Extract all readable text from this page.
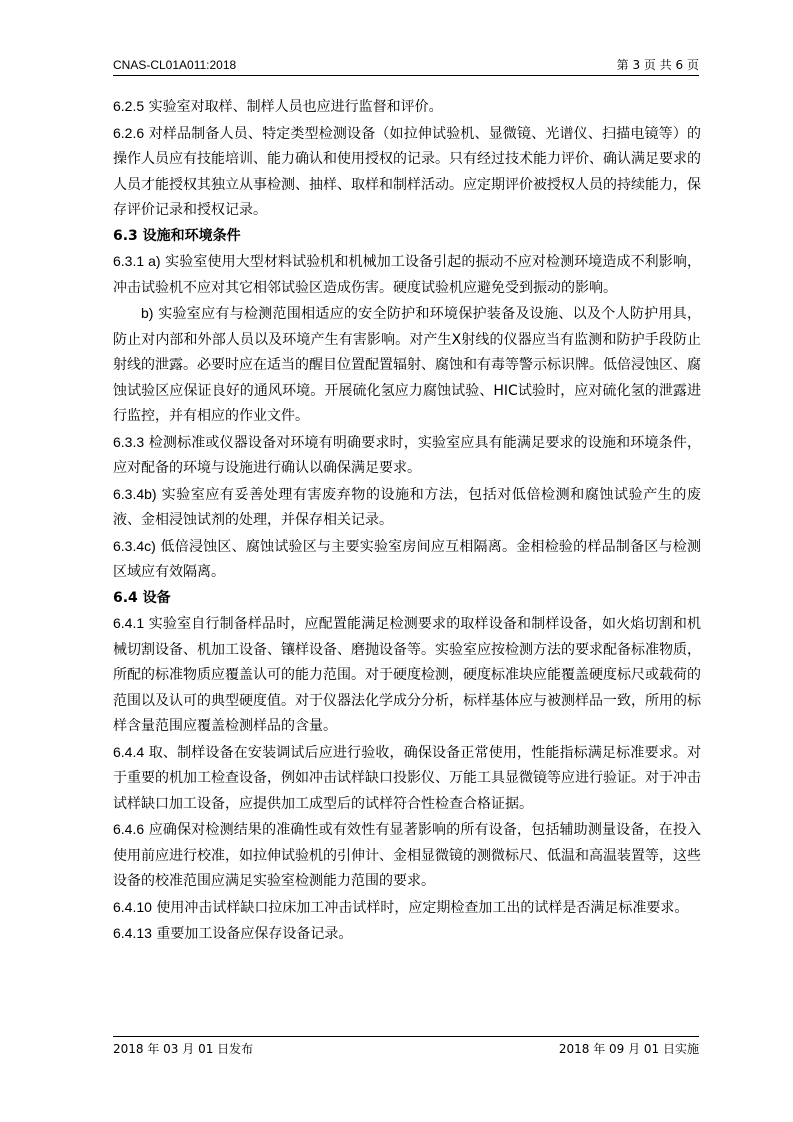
CNAS-CL01A011:2018	第 3 页 共 6 页

6.2.5 实验室对取样、制样人员也应进行监督和评价。

6.2.6 对样品制备人员、特定类型检测设备（如拉伸试验机、显微镜、光谱仪、扫描电镜等）的操作人员应有技能培训、能力确认和使用授权的记录。只有经过技术能力评价、确认满足要求的人员才能授权其独立从事检测、抽样、取样和制样活动。应定期评价被授权人员的持续能力，保存评价记录和授权记录。

6.3 设施和环境条件

6.3.1 a) 实验室使用大型材料试验机和机械加工设备引起的振动不应对检测环境造成不利影响，冲击试验机不应对其它相邻试验区造成伤害。硬度试验机应避免受到振动的影响。

b) 实验室应有与检测范围相适应的安全防护和环境保护装备及设施、以及个人防护用具，防止对内部和外部人员以及环境产生有害影响。对产生X射线的仪器应当有监测和防护手段防止射线的泄露。必要时应在适当的醒目位置配置辐射、腐蚀和有毒等警示标识牌。低倍浸蚀区、腐蚀试验区应保证良好的通风环境。开展硫化氢应力腐蚀试验、HIC试验时，应对硫化氢的泄露进行监控，并有相应的作业文件。

6.3.3 检测标准或仪器设备对环境有明确要求时，实验室应具有能满足要求的设施和环境条件，应对配备的环境与设施进行确认以确保满足要求。

6.3.4b) 实验室应有妥善处理有害废弃物的设施和方法，包括对低倍检测和腐蚀试验产生的废液、金相浸蚀试剂的处理，并保存相关记录。

6.3.4c) 低倍浸蚀区、腐蚀试验区与主要实验室房间应互相隔离。金相检验的样品制备区与检测区域应有效隔离。

6.4 设备

6.4.1 实验室自行制备样品时，应配置能满足检测要求的取样设备和制样设备，如火焰切割和机械切割设备、机加工设备、镶样设备、磨抛设备等。实验室应按检测方法的要求配备标准物质，所配的标准物质应覆盖认可的能力范围。对于硬度检测，硬度标准块应能覆盖硬度标尺或载荷的范围以及认可的典型硬度值。对于仪器法化学成分分析，标样基体应与被测样品一致，所用的标样含量范围应覆盖检测样品的含量。

6.4.4 取、制样设备在安装调试后应进行验收，确保设备正常使用，性能指标满足标准要求。对于重要的机加工检查设备，例如冲击试样缺口投影仪、万能工具显微镜等应进行验证。对于冲击试样缺口加工设备，应提供加工成型后的试样符合性检查合格证据。

6.4.6 应确保对检测结果的准确性或有效性有显著影响的所有设备，包括辅助测量设备，在投入使用前应进行校准，如拉伸试验机的引伸计、金相显微镜的测微标尺、低温和高温装置等，这些设备的校准范围应满足实验室检测能力范围的要求。

6.4.10 使用冲击试样缺口拉床加工冲击试样时，应定期检查加工出的试样是否满足标准要求。

6.4.13 重要加工设备应保存设备记录。

2018 年 03 月 01 日发布	2018 年 09 月 01 日实施
